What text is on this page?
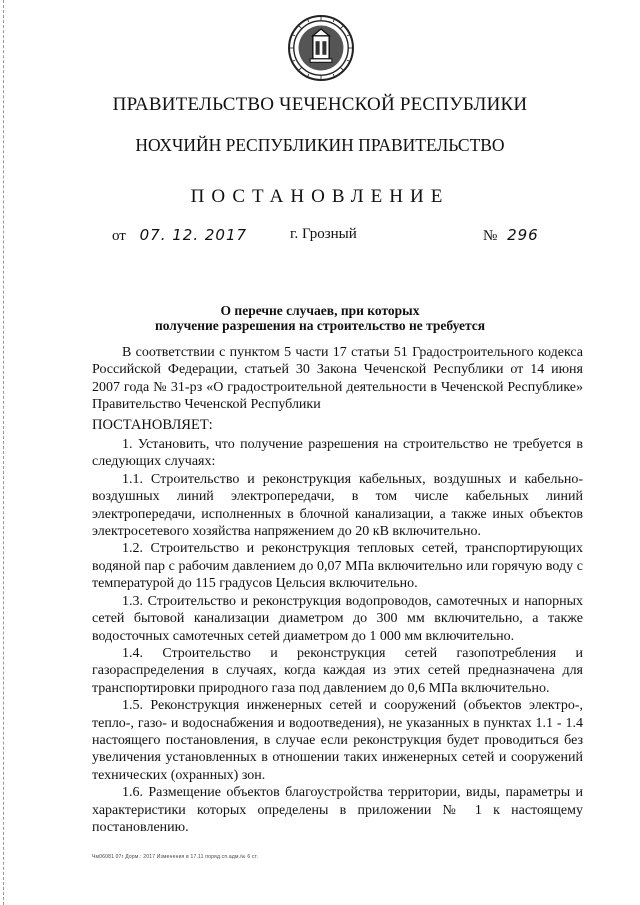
ПРАВИТЕЛЬСТВО ЧЕЧЕНСКОЙ РЕСПУБЛИКИ
НОХЧИЙН РЕСПУБЛИКИН ПРАВИТЕЛЬСТВО
ПОСТАНОВЛЕНИЕ
от 07. 12. 2017	г. Грозный	№ 296
О перечне случаев, при которых
получение разрешения на строительство не требуется

В соответствии с пунктом 5 части 17 статьи 51 Градостроительного кодекса Российской Федерации, статьей 30 Закона Чеченской Республики от 14 июня 2007 года № 31-рз «О градостроительной деятельности в Чеченской Республике» Правительство Чеченской Республики

ПОСТАНОВЛЯЕТ:

1. Установить, что получение разрешения на строительство не требуется в следующих случаях:

1.1. Строительство и реконструкция кабельных, воздушных и кабельно-воздушных линий электропередачи, в том числе кабельных линий электропередачи, исполненных в блочной канализации, а также иных объектов электросетевого хозяйства напряжением до 20 кВ включительно.

1.2. Строительство и реконструкция тепловых сетей, транспортирующих водяной пар с рабочим давлением до 0,07 МПа включительно или горячую воду с температурой до 115 градусов Цельсия включительно.

1.3. Строительство и реконструкция водопроводов, самотечных и напорных сетей бытовой канализации диаметром до 300 мм включительно, а также водосточных самотечных сетей диаметром до 1 000 мм включительно.

1.4. Строительство и реконструкция сетей газопотребления и газораспределения в случаях, когда каждая из этих сетей предназначена для транспортировки природного газа под давлением до 0,6 МПа включительно.

1.5. Реконструкция инженерных сетей и сооружений (объектов электро-, тепло-, газо- и водоснабжения и водоотведения), не указанных в пунктах 1.1 - 1.4 настоящего постановления, в случае если реконструкция будет проводиться без увеличения установленных в отношении таких инженерных сетей и сооружений технических (охранных) зон.

1.6. Размещение объектов благоустройства территории, виды, параметры и характеристики которых определены в приложении № 1 к настоящему постановлению.

Чм06081 07г Дорм.: 2017 Изменения в 17.11 поряд.сп.адм.№ 6 ст.
